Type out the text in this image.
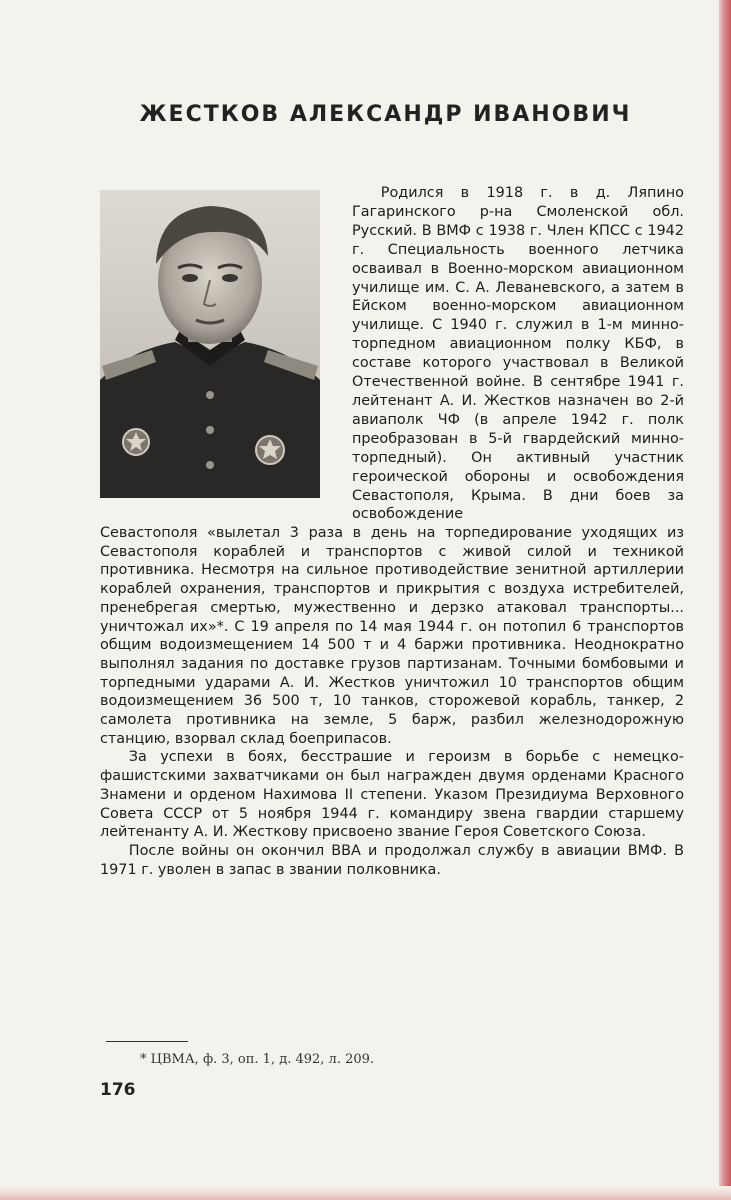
ЖЕСТКОВ АЛЕКСАНДР ИВАНОВИЧ

Родился в 1918 г. в д. Ляпино Гагаринского р-на Смоленской обл. Русский. В ВМФ с 1938 г. Член КПСС с 1942 г. Специальность военного летчика осваивал в Военно-морском авиационном училище им. С. А. Леваневского, а затем в Ейском военно-морском авиационном училище. С 1940 г. служил в 1-м минно-торпедном авиационном полку КБФ, в составе которого участвовал в Великой Отечественной войне. В сентябре 1941 г. лейтенант А. И. Жестков назначен во 2-й авиаполк ЧФ (в апреле 1942 г. полк преобразован в 5-й гвардейский минно-торпедный). Он активный участник героической обороны и освобождения Севастополя, Крыма. В дни боев за освобождение

Севастополя «вылетал 3 раза в день на торпедирование уходящих из Севастополя кораблей и транспортов с живой силой и техникой противника. Несмотря на сильное противодействие зенитной артиллерии кораблей охранения, транспортов и прикрытия с воздуха истребителей, пренебрегая смертью, мужественно и дерзко атаковал транспорты... уничтожал их»*. С 19 апреля по 14 мая 1944 г. он потопил 6 транспортов общим водоизмещением 14 500 т и 4 баржи противника. Неоднократно выполнял задания по доставке грузов партизанам. Точными бомбовыми и торпедными ударами А. И. Жестков уничтожил 10 транспортов общим водоизмещением 36 500 т, 10 танков, сторожевой корабль, танкер, 2 самолета противника на земле, 5 барж, разбил железнодорожную станцию, взорвал склад боеприпасов.

За успехи в боях, бесстрашие и героизм в борьбе с немецко-фашистскими захватчиками он был награжден двумя орденами Красного Знамени и орденом Нахимова II степени. Указом Президиума Верховного Совета СССР от 5 ноября 1944 г. командиру звена гвардии старшему лейтенанту А. И. Жесткову присвоено звание Героя Советского Союза.

После войны он окончил ВВА и продолжал службу в авиации ВМФ. В 1971 г. уволен в запас в звании полковника.

* ЦВМА, ф. 3, оп. 1, д. 492, л. 209.
176
